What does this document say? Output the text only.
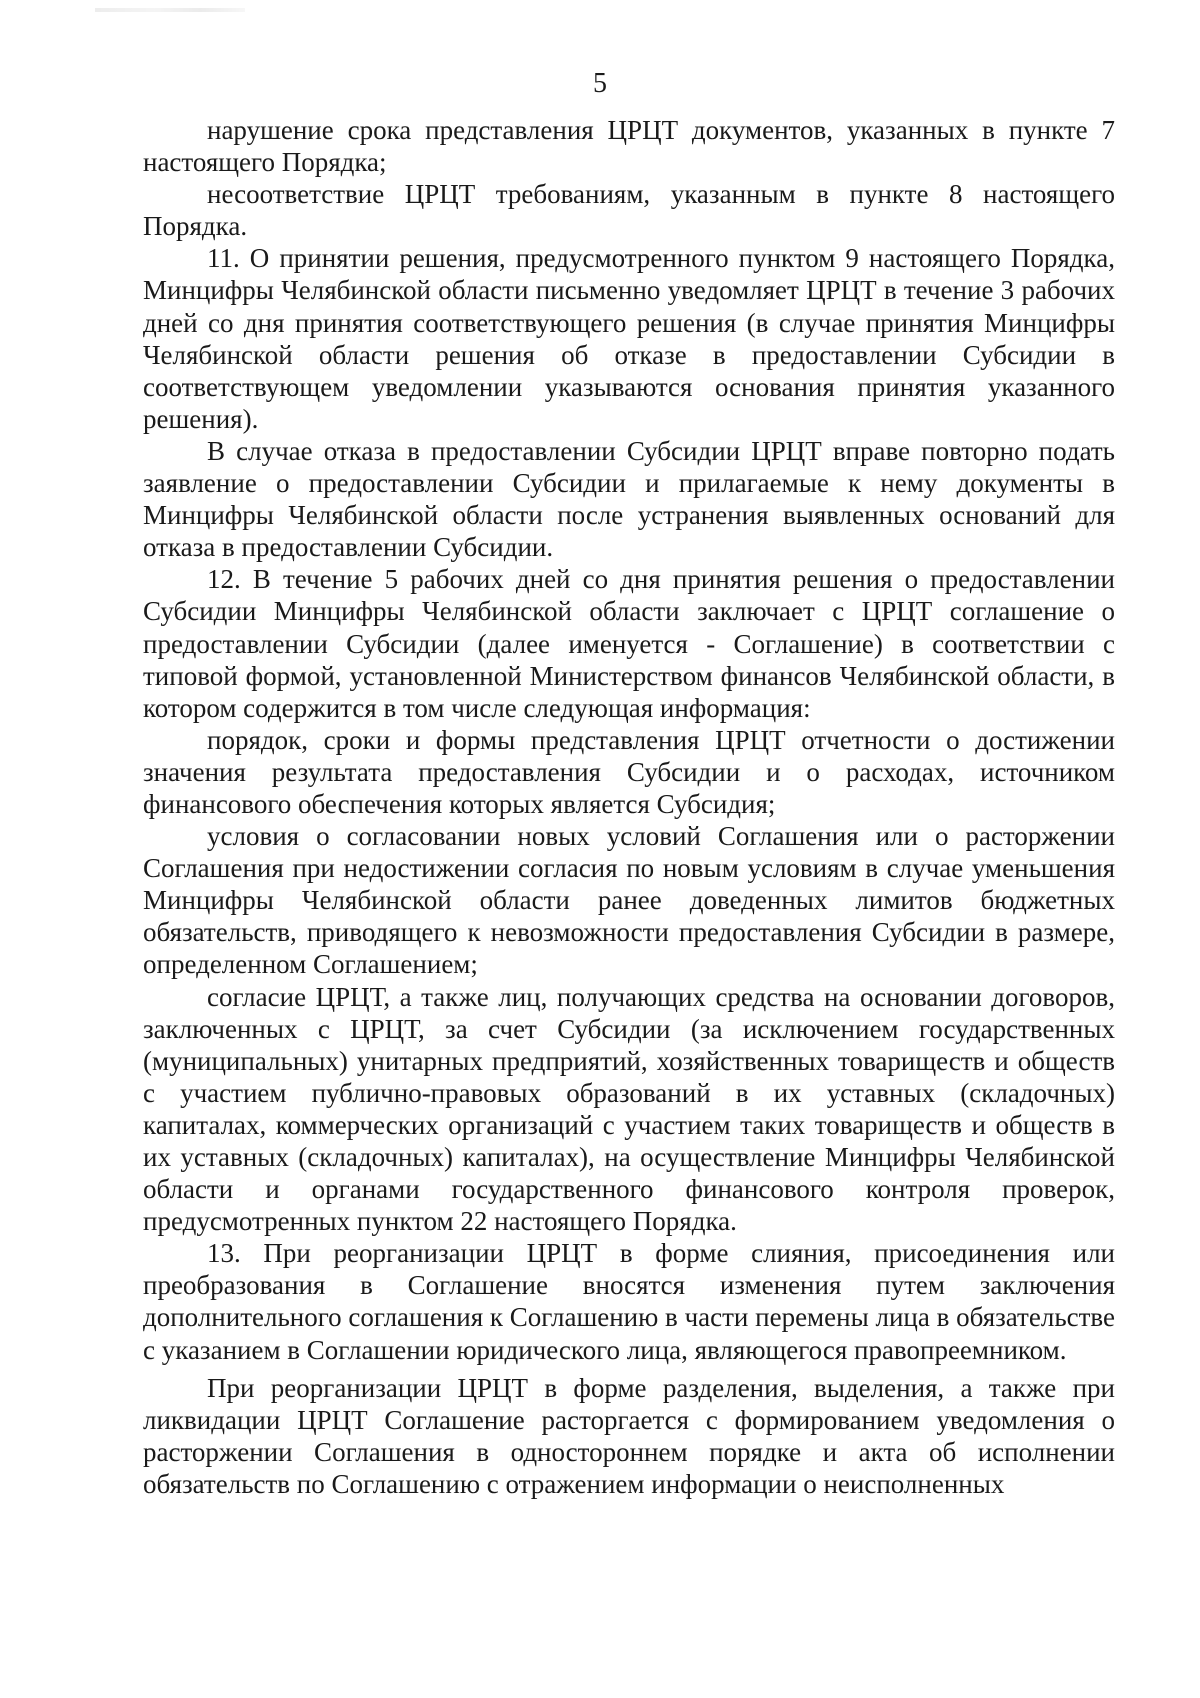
5

нарушение срока представления ЦРЦТ документов, указанных в пункте 7 настоящего Порядка;

несоответствие ЦРЦТ требованиям, указанным в пункте 8 настоящего Порядка.

11. О принятии решения, предусмотренного пунктом 9 настоящего Порядка, Минцифры Челябинской области письменно уведомляет ЦРЦТ в течение 3 рабочих дней со дня принятия соответствующего решения (в случае принятия Минцифры Челябинской области решения об отказе в предоставлении Субсидии в соответствующем уведомлении указываются основания принятия указанного решения).

В случае отказа в предоставлении Субсидии ЦРЦТ вправе повторно подать заявление о предоставлении Субсидии и прилагаемые к нему документы в Минцифры Челябинской области после устранения выявленных оснований для отказа в предоставлении Субсидии.

12. В течение 5 рабочих дней со дня принятия решения о предоставлении Субсидии Минцифры Челябинской области заключает с ЦРЦТ соглашение о предоставлении Субсидии (далее именуется - Соглашение) в соответствии с типовой формой, установленной Министерством финансов Челябинской области, в котором содержится в том числе следующая информация:

порядок, сроки и формы представления ЦРЦТ отчетности о достижении значения результата предоставления Субсидии и о расходах, источником финансового обеспечения которых является Субсидия;

условия о согласовании новых условий Соглашения или о расторжении Соглашения при недостижении согласия по новым условиям в случае уменьшения Минцифры Челябинской области ранее доведенных лимитов бюджетных обязательств, приводящего к невозможности предоставления Субсидии в размере, определенном Соглашением;

согласие ЦРЦТ, а также лиц, получающих средства на основании договоров, заключенных с ЦРЦТ, за счет Субсидии (за исключением государственных (муниципальных) унитарных предприятий, хозяйственных товариществ и обществ с участием публично-правовых образований в их уставных (складочных) капиталах, коммерческих организаций с участием таких товариществ и обществ в их уставных (складочных) капиталах), на осуществление Минцифры Челябинской области и органами государственного финансового контроля проверок, предусмотренных пунктом 22 настоящего Порядка.

13. При реорганизации ЦРЦТ в форме слияния, присоединения или преобразования в Соглашение вносятся изменения путем заключения дополнительного соглашения к Соглашению в части перемены лица в обязательстве с указанием в Соглашении юридического лица, являющегося правопреемником.

При реорганизации ЦРЦТ в форме разделения, выделения, а также при ликвидации ЦРЦТ Соглашение расторгается с формированием уведомления о расторжении Соглашения в одностороннем порядке и акта об исполнении обязательств по Соглашению с отражением информации о неисполненных
